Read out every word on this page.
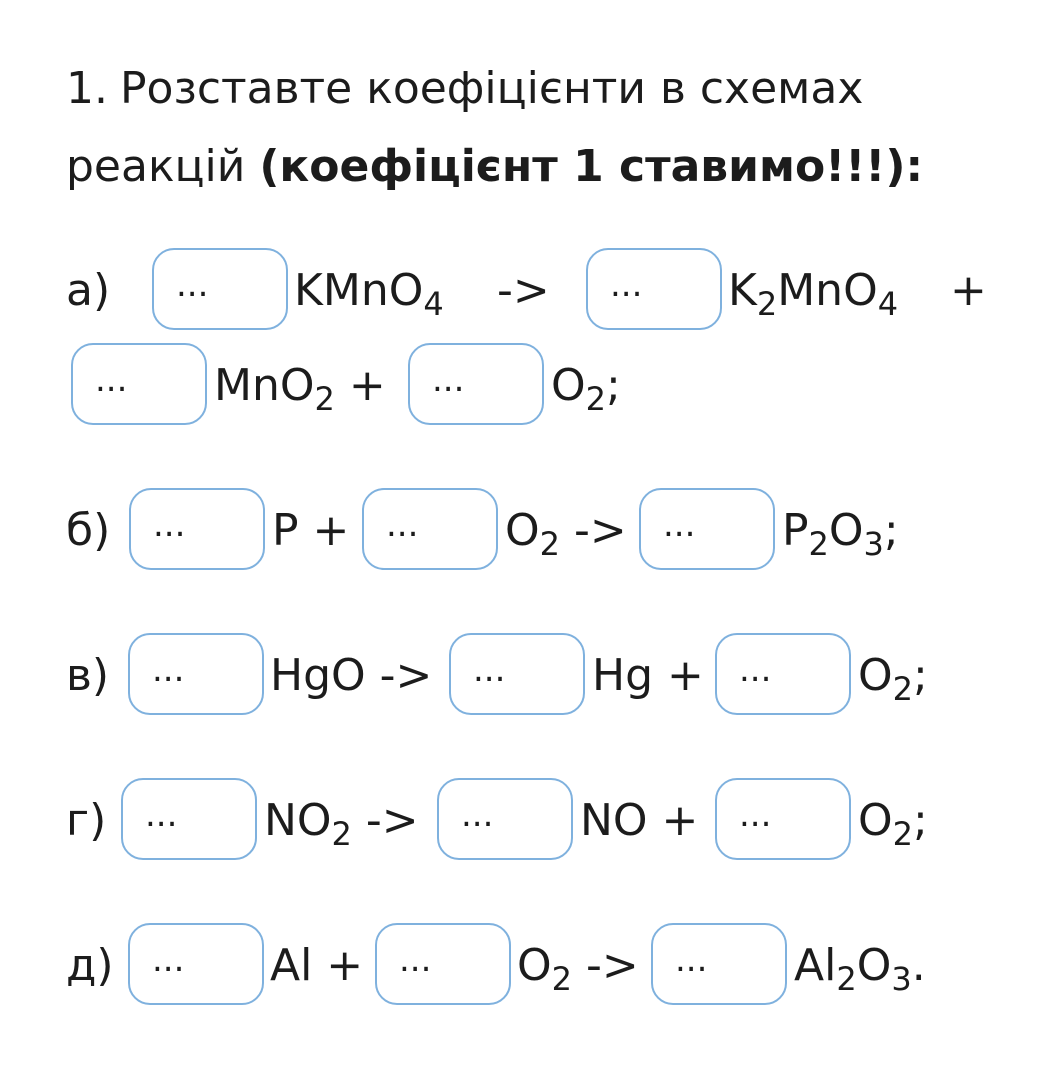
1. Розставте коефіцієнти в схемах реакцій (коефіцієнт 1 ставимо!!!):
а)	...	KMnO$_4$ ->	...	$K_2MnO_4$ +
...	MnO$_2$ +	...	$O_2$;
б)	...	P +	...	$O_2$ ->	...	$P_2O_3$;
в)	...	HgO ->	...	Hg +	...	$O_2$;
г)	...	$NO_2$ ->	...	NO +	...	$O_2$;
д)	...	Al +	...	$O_2$ ->	...	$Al_2O_3$.
